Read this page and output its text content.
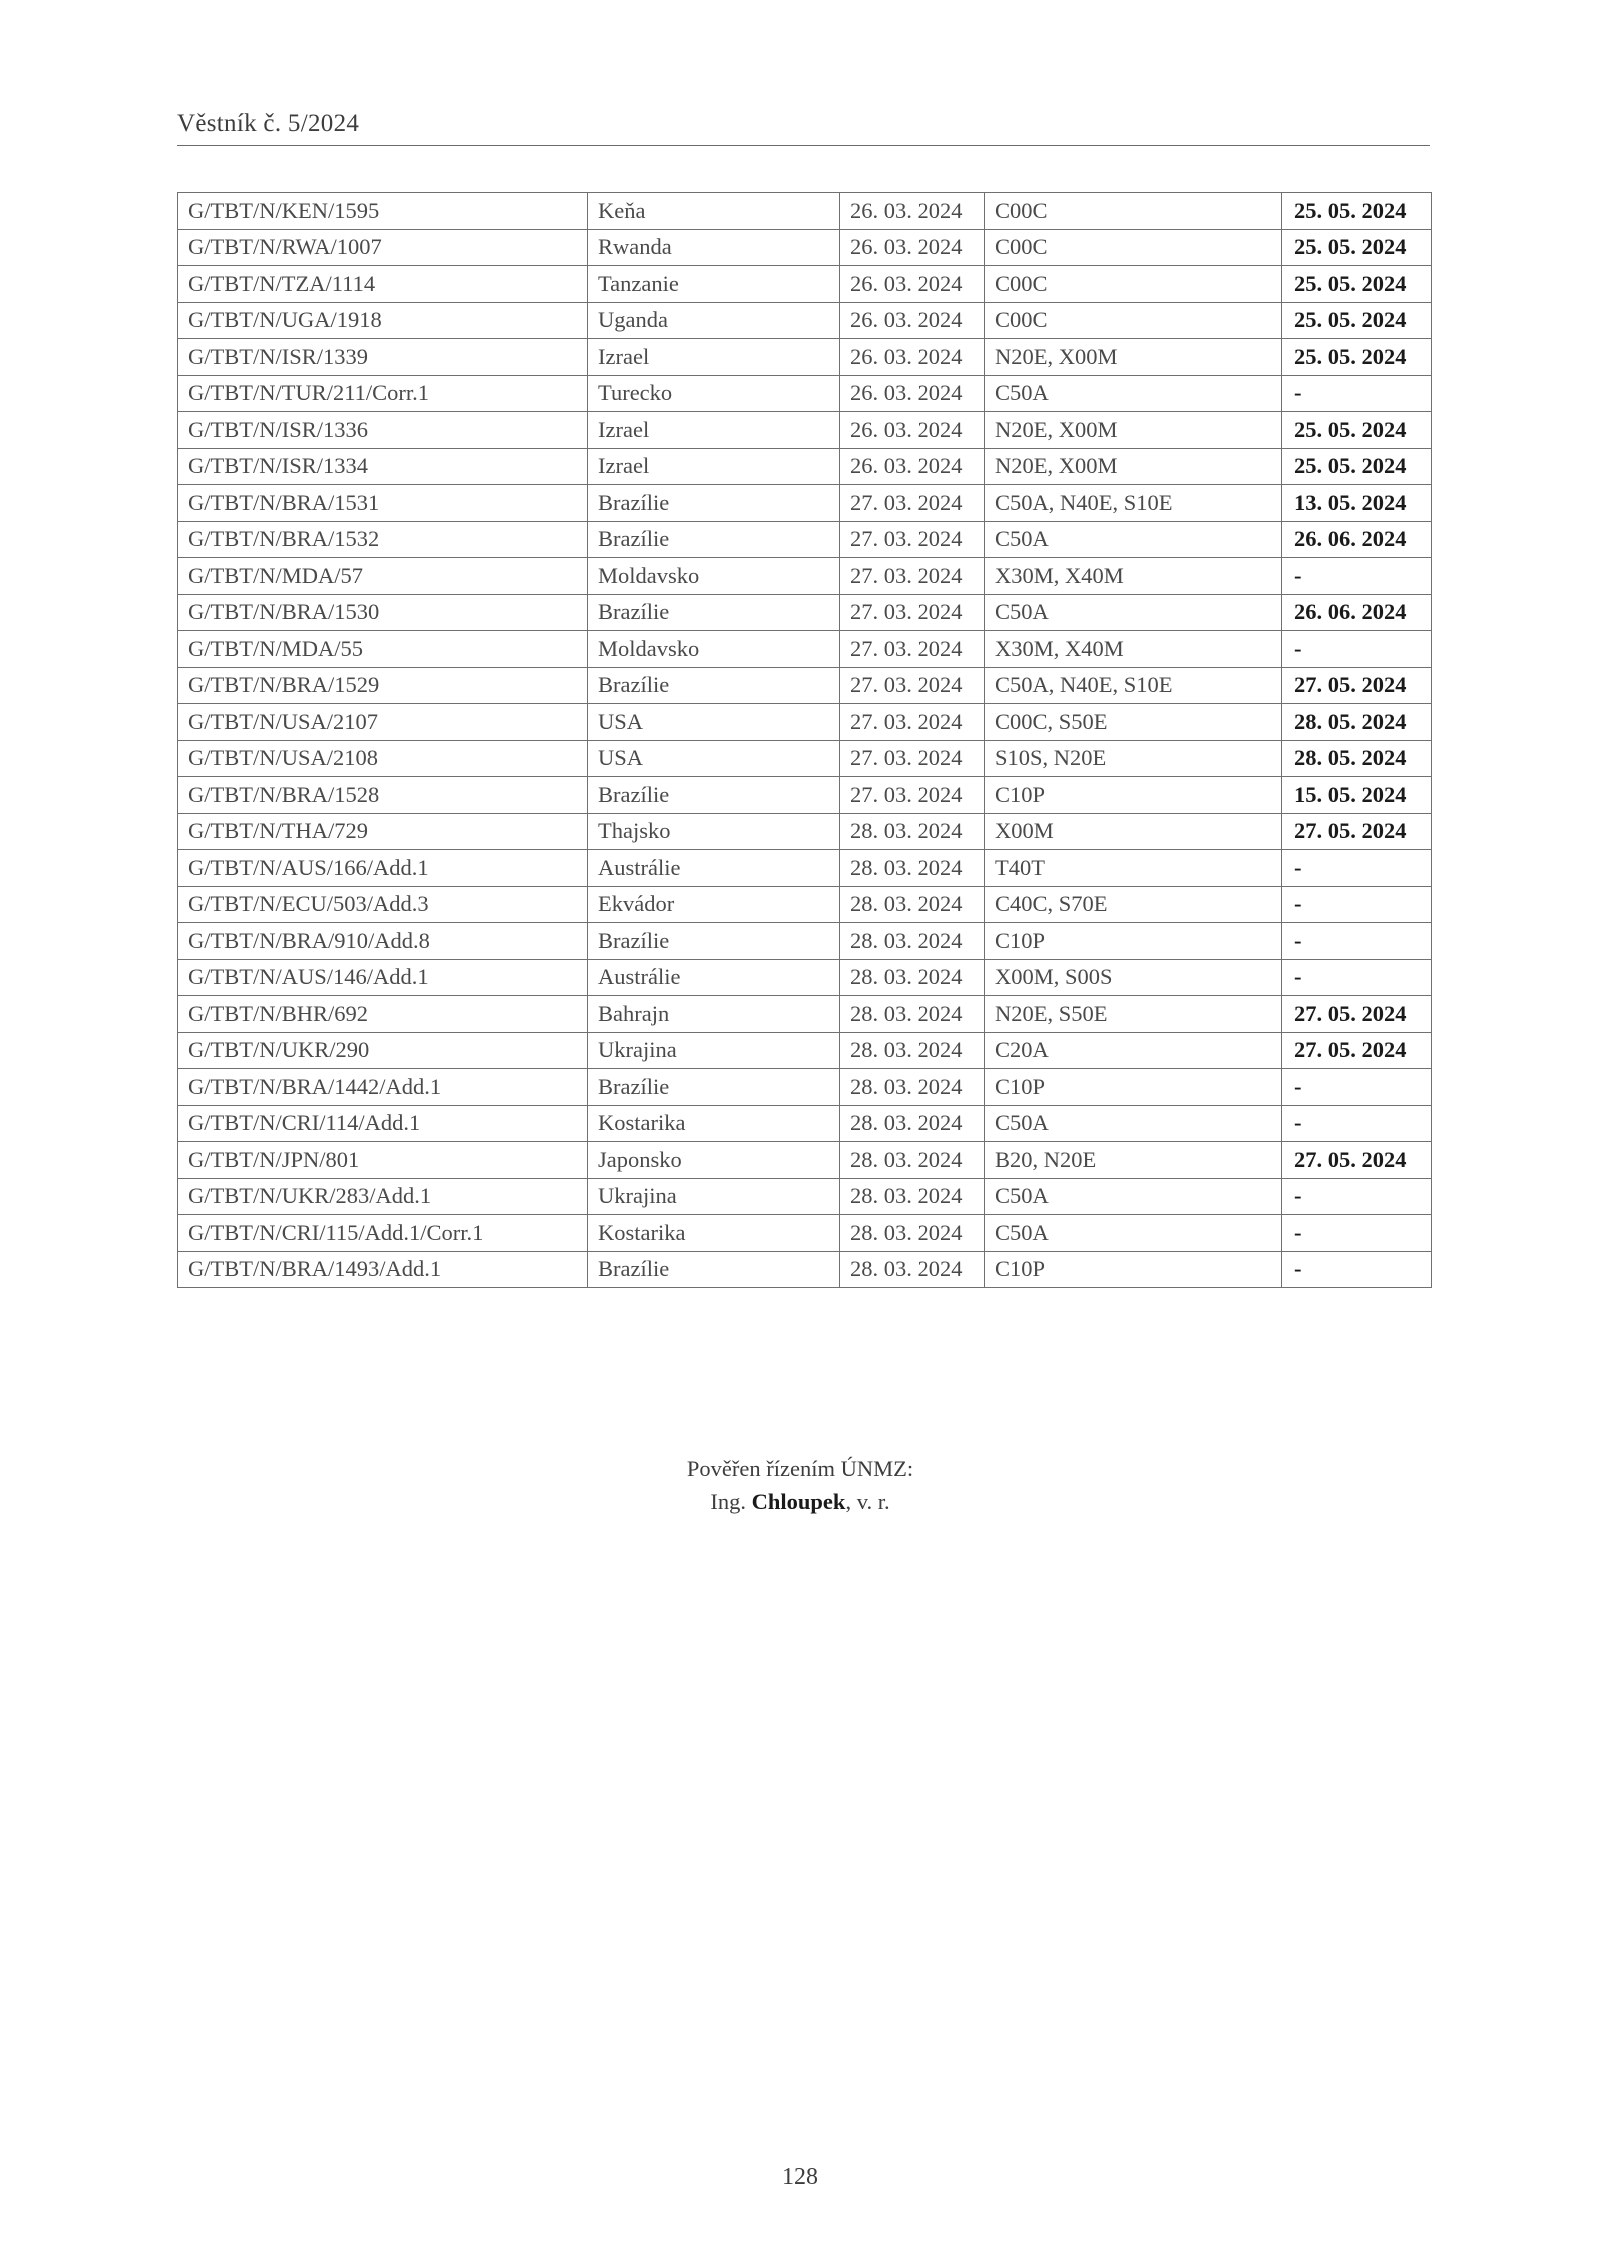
Věstník č. 5/2024
G/TBT/N/KEN/1595	Keňa	26. 03. 2024	C00C	25. 05. 2024
G/TBT/N/RWA/1007	Rwanda	26. 03. 2024	C00C	25. 05. 2024
G/TBT/N/TZA/1114	Tanzanie	26. 03. 2024	C00C	25. 05. 2024
G/TBT/N/UGA/1918	Uganda	26. 03. 2024	C00C	25. 05. 2024
G/TBT/N/ISR/1339	Izrael	26. 03. 2024	N20E, X00M	25. 05. 2024
G/TBT/N/TUR/211/Corr.1	Turecko	26. 03. 2024	C50A	-
G/TBT/N/ISR/1336	Izrael	26. 03. 2024	N20E, X00M	25. 05. 2024
G/TBT/N/ISR/1334	Izrael	26. 03. 2024	N20E, X00M	25. 05. 2024
G/TBT/N/BRA/1531	Brazílie	27. 03. 2024	C50A, N40E, S10E	13. 05. 2024
G/TBT/N/BRA/1532	Brazílie	27. 03. 2024	C50A	26. 06. 2024
G/TBT/N/MDA/57	Moldavsko	27. 03. 2024	X30M, X40M	-
G/TBT/N/BRA/1530	Brazílie	27. 03. 2024	C50A	26. 06. 2024
G/TBT/N/MDA/55	Moldavsko	27. 03. 2024	X30M, X40M	-
G/TBT/N/BRA/1529	Brazílie	27. 03. 2024	C50A, N40E, S10E	27. 05. 2024
G/TBT/N/USA/2107	USA	27. 03. 2024	C00C, S50E	28. 05. 2024
G/TBT/N/USA/2108	USA	27. 03. 2024	S10S, N20E	28. 05. 2024
G/TBT/N/BRA/1528	Brazílie	27. 03. 2024	C10P	15. 05. 2024
G/TBT/N/THA/729	Thajsko	28. 03. 2024	X00M	27. 05. 2024
G/TBT/N/AUS/166/Add.1	Austrálie	28. 03. 2024	T40T	-
G/TBT/N/ECU/503/Add.3	Ekvádor	28. 03. 2024	C40C, S70E	-
G/TBT/N/BRA/910/Add.8	Brazílie	28. 03. 2024	C10P	-
G/TBT/N/AUS/146/Add.1	Austrálie	28. 03. 2024	X00M, S00S	-
G/TBT/N/BHR/692	Bahrajn	28. 03. 2024	N20E, S50E	27. 05. 2024
G/TBT/N/UKR/290	Ukrajina	28. 03. 2024	C20A	27. 05. 2024
G/TBT/N/BRA/1442/Add.1	Brazílie	28. 03. 2024	C10P	-
G/TBT/N/CRI/114/Add.1	Kostarika	28. 03. 2024	C50A	-
G/TBT/N/JPN/801	Japonsko	28. 03. 2024	B20, N20E	27. 05. 2024
G/TBT/N/UKR/283/Add.1	Ukrajina	28. 03. 2024	C50A	-
G/TBT/N/CRI/115/Add.1/Corr.1	Kostarika	28. 03. 2024	C50A	-
G/TBT/N/BRA/1493/Add.1	Brazílie	28. 03. 2024	C10P	-
Pověřen řízením ÚNMZ:
Ing. Chloupek, v. r.
128
